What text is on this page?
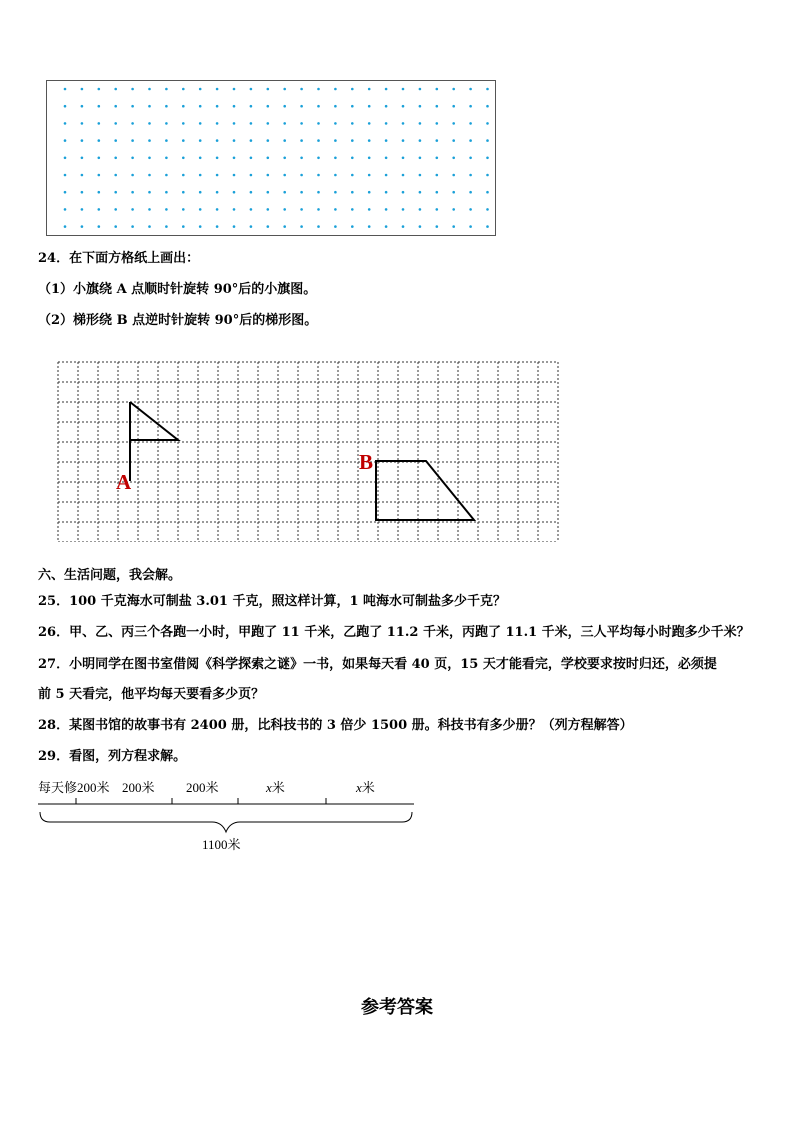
24．在下面方格纸上画出：
（1）小旗绕 A 点顺时针旋转 90°后的小旗图。
（2）梯形绕 B 点逆时针旋转 90°后的梯形图。
A
B
六、生活问题，我会解。
25．100 千克海水可制盐 3.01 千克，照这样计算，1 吨海水可制盐多少千克？
26．甲、乙、丙三个各跑一小时，甲跑了 11 千米，乙跑了 11.2 千米，丙跑了 11.1 千米，三人平均每小时跑多少千米？
27．小明同学在图书室借阅《科学探索之谜》一书，如果每天看 40 页，15 天才能看完，学校要求按时归还，必须提
前 5 天看完，他平均每天要看多少页？
28．某图书馆的故事书有 2400 册，比科技书的 3 倍少 1500 册。科技书有多少册？（列方程解答）
29．看图，列方程求解。
每天修200米 200米 200米	x米	x米
1100米
参考答案
